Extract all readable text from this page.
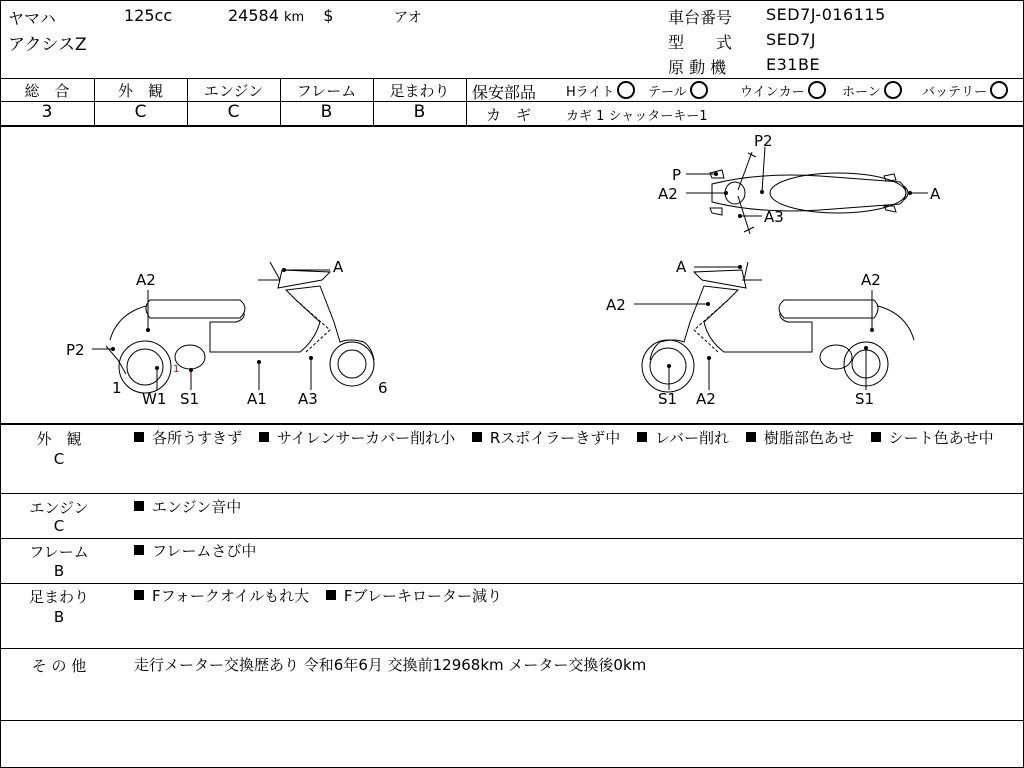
ヤマハ	125cc	24584 km $	アオ
アクシスZ
車台番号 SED7J-016115
型　　式 SED7J
原 動 機 E31BE
総　合	外　観	エンジン	フレーム	足まわり
3	C	C	B	B
保安部品 Hライト	テール	ウインカー	ホーン	バッテリー
カ　ギ	カギ 1 シャッターキー1
1
P2
P
A2	A
A3
A2
A
P2
1
W1 S1	A1 A3
6
A
A2
A2
S1 A2	S1
外　観
C
各所うすきず サイレンサーカバー削れ小 Rスポイラーきず中 レバー削れ 樹脂部色あせ シート色あせ中
エンジン
C
エンジン音中
フレーム
B
フレームさび中
足まわり
B
Fフォークオイルもれ大 Fブレーキローター減り
そ の 他	走行メーター交換歴あり 令和6年6月 交換前12968km メーター交換後0km
